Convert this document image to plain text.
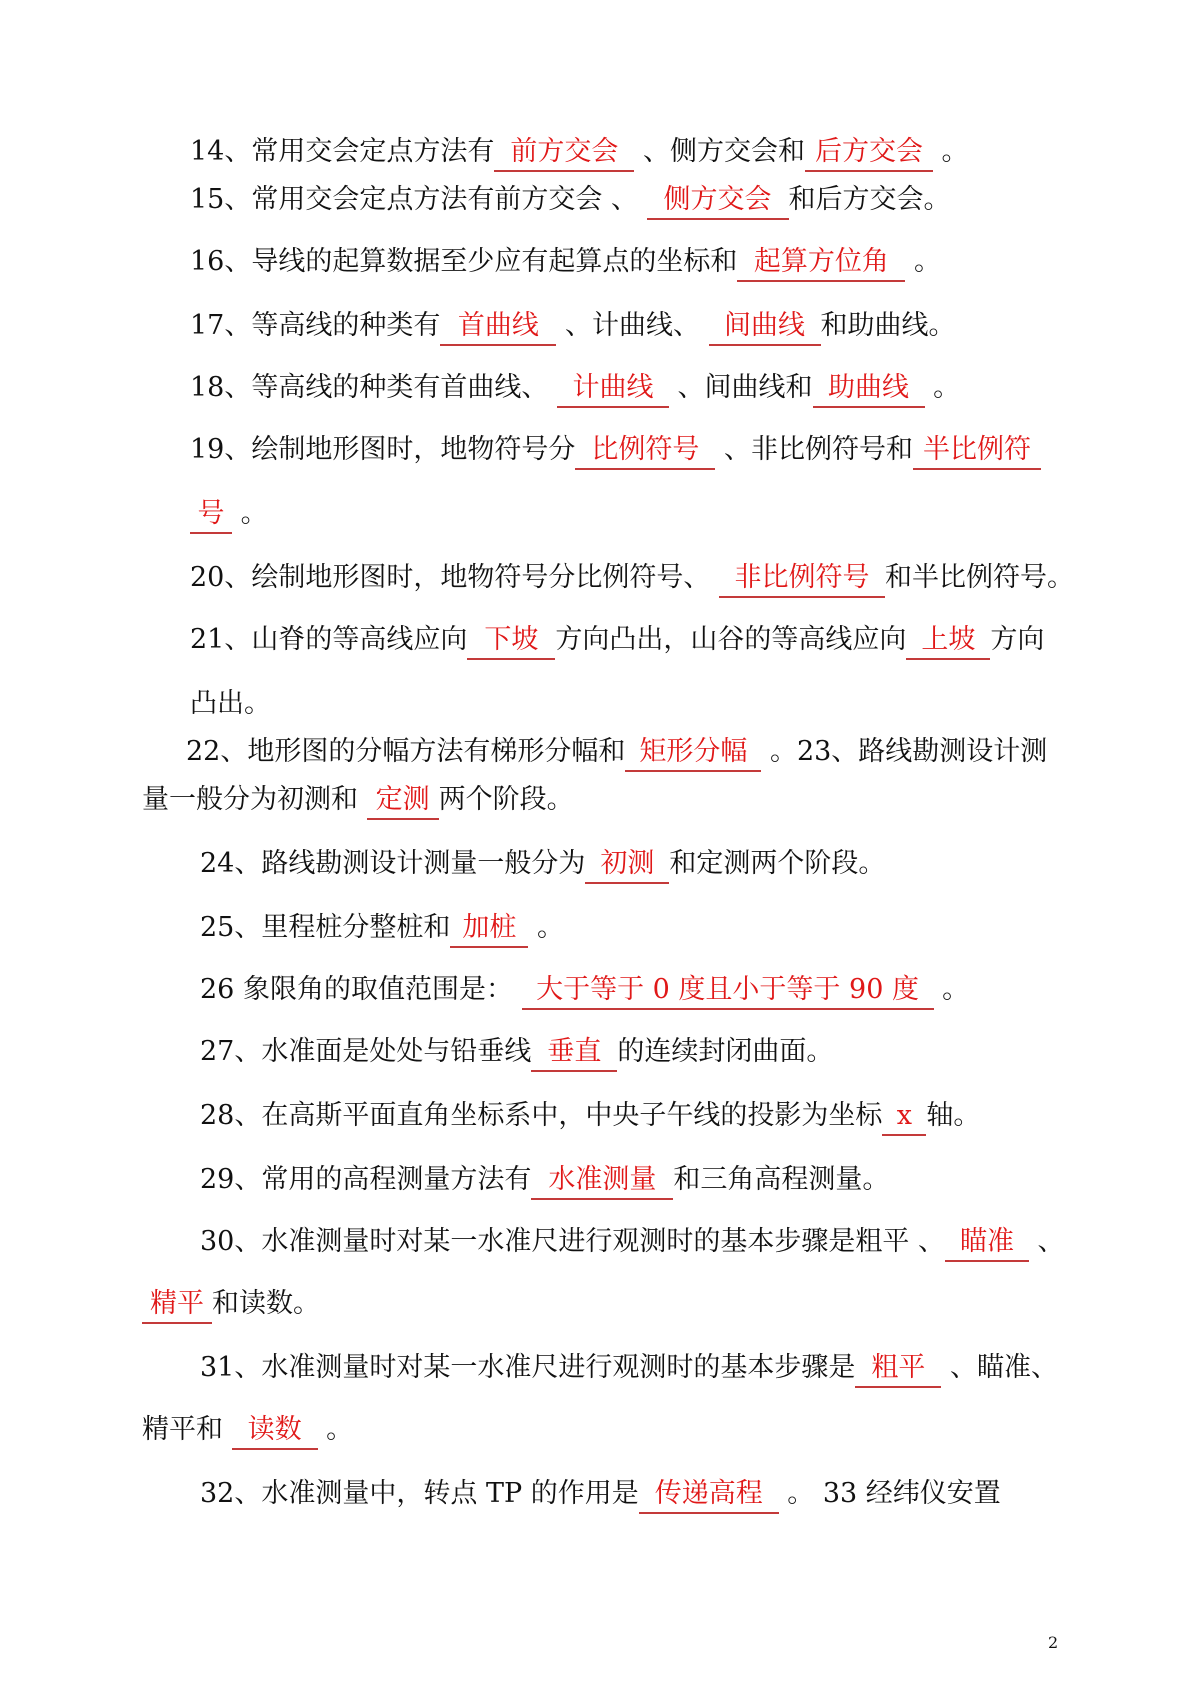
14、常用交会定点方法有 前方交会 、侧方交会和 后方交会 。
15、常用交会定点方法有前方交会 、 侧方交会 和后方交会。
16、导线的起算数据至少应有起算点的坐标和 起算方位角 。
17、等高线的种类有 首曲线 、计曲线、 间曲线 和助曲线。
18、等高线的种类有首曲线、 计曲线 、间曲线和 助曲线 。
19、绘制地形图时，地物符号分 比例符号 、非比例符号和 半比例符
号 。
20、绘制地形图时，地物符号分比例符号、 非比例符号 和半比例符号。
21、山脊的等高线应向 下坡 方向凸出，山谷的等高线应向 上坡 方向
凸出。
22、地形图的分幅方法有梯形分幅和 矩形分幅 。23、路线勘测设计测
量一般分为初测和 定测 两个阶段。
24、路线勘测设计测量一般分为 初测 和定测两个阶段。
25、里程桩分整桩和 加桩 。
26 象限角的取值范围是： 大于等于 0 度且小于等于 90 度 。
27、水准面是处处与铅垂线 垂直 的连续封闭曲面。
28、在高斯平面直角坐标系中，中央子午线的投影为坐标 x 轴。
29、常用的高程测量方法有 水准测量 和三角高程测量。
30、水准测量时对某一水准尺进行观测时的基本步骤是粗平 、 瞄准 、
精平 和读数。
31、水准测量时对某一水准尺进行观测时的基本步骤是 粗平 、瞄准、
精平和 读数 。
32、水准测量中，转点 TP 的作用是 传递高程 。 33 经纬仪安置
2
